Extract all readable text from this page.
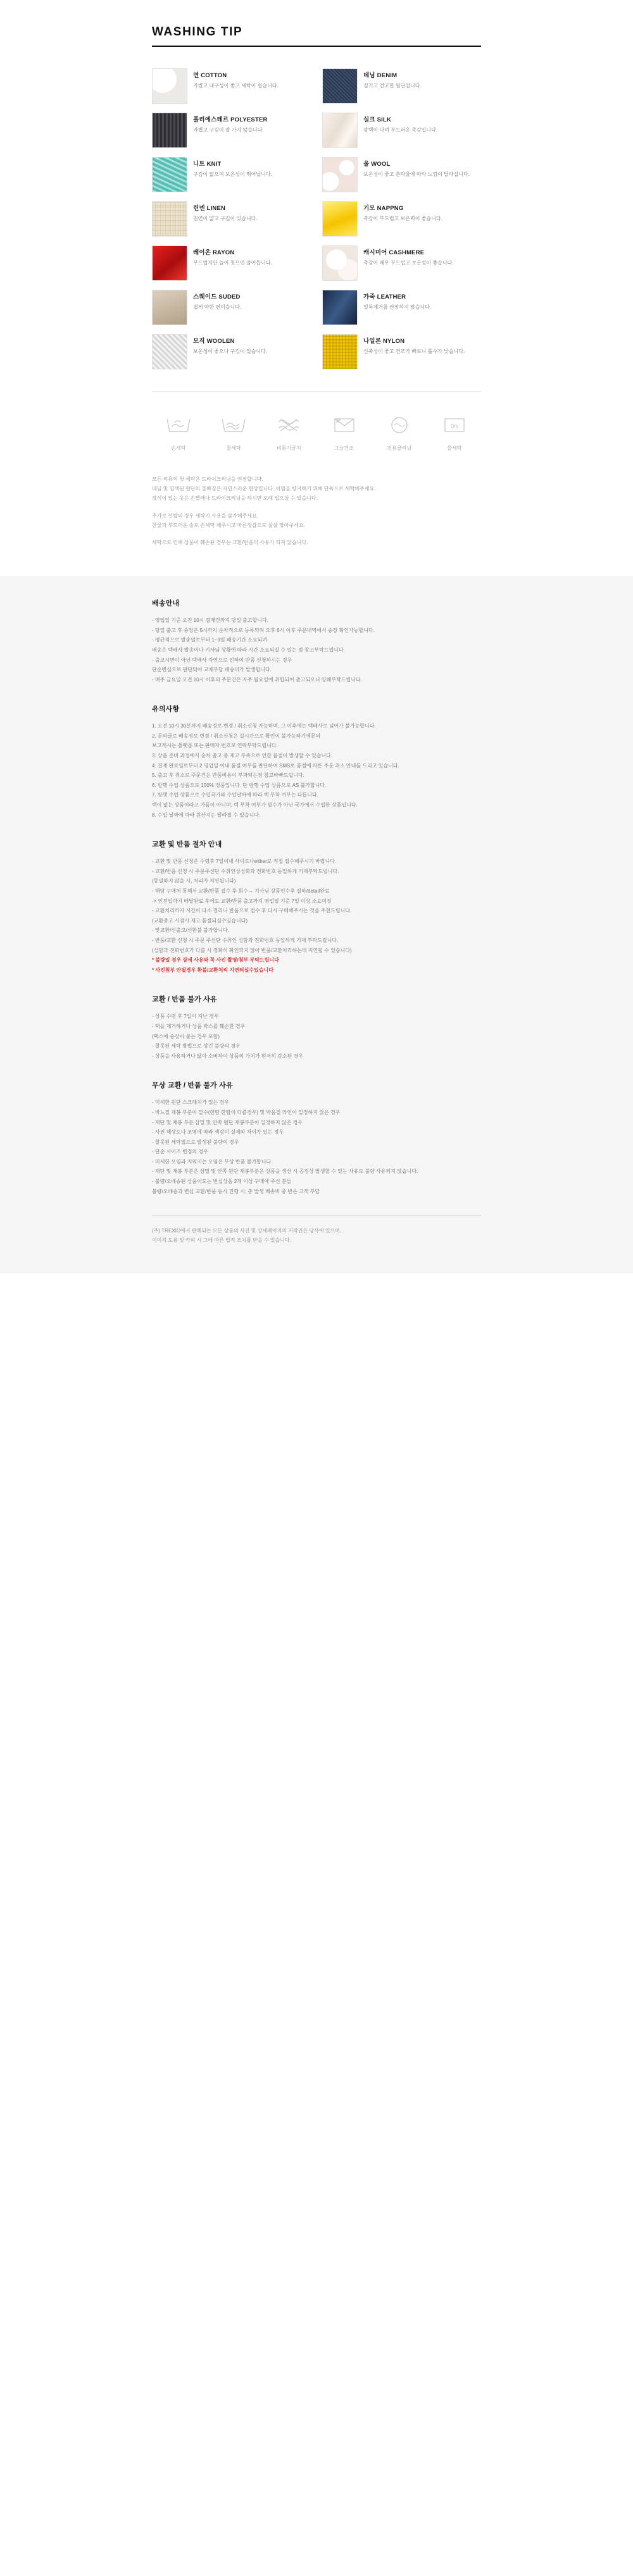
WASHING TIP
면 COTTON
가볍고 내구성이 좋고 세탁이 쉽습니다.
데님 DENIM
질기고 견고한 원단입니다.
폴리에스테르 POLYESTER
가볍고 구김이 잘 가지 않습니다.
실크 SILK
광택이 나며 부드러운 촉감입니다.
니트 KNIT
구김이 없으며 보온성이 뛰어납니다.
울 WOOL
보온성이 좋고 촌탁율에 따라 느낌이 달라집니다.
린넨 LINEN
천연이 얇고 구김이 있습니다.
기모 NAPPNG
촉감이 부드럽고 보온력이 좋습니다.
레이온 RAYON
부드럽지만 늘어 첫므면 줄어듭니다.
캐시미어 CASHMERE
촉감이 매우 부드럽고 보온성이 좋습니다.
스웨이드 SUDED
쉽게 약한 편이습니다.
가죽 LEATHER
얼룩제거를 권장하지 않습니다.
모직 WOOLEN
보온성이 좋으나 구김이 있습니다.
나일론 NYLON
신축성이 좋고 견조가 빠르니 톱수가 낮습니다.
손세탁	물세탁	비틈기금지	그늘건조	전용클리닝
Dry
물세탁

모든 의류의 첫 세탁은 드라이크리닝을 권장합니다.

데님 및 염색된 원단의 물빠짐은 자연스러운 현상입니다. 이염을 방지하기 위해 단독으로 세탁해주세요.

장식이 있는 옷은 손빨래나 드라이크리닝을 하시면 오래 입으실 수 있습니다.

추가로 신발의 경우 세탁기 사용을 삼가해주세요.

찬물과 부드러운 솔로 손세탁 해주시고 마른장갑으로 살살 닦아주세요.

세탁으로 인해 상품이 훼손된 경우는 교환/반품의 사유가 되지 않습니다.

배송안내
- 영업일 기준 오전 10시 결제건까지 당일 출고합니다.
- 당일 출고 후 송장은 5시까지 순차적으로 등록되며 오후 6시 이후 주문내역에서 송장 확인가능합니다.
- 평균적으로 발송일로부터 1~3일 배송기간 소요되며
배송은 택배사 발송이나 기사님 상황에 따라 시간 소요되실 수 있는 점 참고부탁드립니다.
- 출고시면이 아닌 택배사 자연으로 인하여 반품 신청하시는 경우
단순변심으로 판단되어 교체부담 배송비가 발생합니다.
- 매주 금요일 오전 10시 이후의 주문건은 자주 월요일에 취합되어 출고되오니 양해부탁드립니다.
유의사항
1. 오전 10시 30분까지 배송정보 변경 / 취소신청 가능하며, 그 이후에는 택배사로 넘어가 불가능합니다.
2. 문의글로 배송정보 변경 / 취소신청은 실시간으로 확인이 불가능하기에문의
보고계시는 플랫폼 또는 판매자 번호로 연락부탁드립니다.
3. 상품 준비 과정에서 순차 출고 중 재고 부족으로 인한 품절이 발생할 수 있습니다.
4. 결제 완료일로부터 2 영업일 이내 품절 여부를 판단하여 SMS로 품절에 따른 주문 취소 안내를 드리고 있습니다.
5. 출고 후 취소로 주문건은 반품비용이 부과되는점 참고바빠드립니다.
6. 방행 수입 상품으로 100% 정품입니다. 단 방행 수입 상품으로 AS 불가합니다.
7. 방행 수입 상품으로 수입국가와 수입날짜에 따라 택 부착 여부는 다릅니다.
택이 없는 상품이라고 가품이 아니며, 택 부착 여부가 필수가 아닌 국가에서 수입한 상품입니다.
8. 수입 날짜에 따라 원산지는 달라질 수 있습니다.
교환 및 반품 절차 안내
- 교환 및 반품 신청은 수령후 7일이내 사이트나either로 직접 접수해주시기 바랍니다.
- 교환/반품 신청 시 주문주선단 수취인성성화과 전화번호 동일하게 기재부탁드립니다.
(동일하지 않을 시, 처리가 지연됩니다)
- 해당 구매처 통해서 교환/반품 접수 후 회수→ 기사님 상품인수후 집하/detail완료
-> 인전입까지 배달완료 후에도 교환/반품 출고까지 영업일 기준 7일 이상 소요여정
- 교환처리까지 시간이 다소 걸리니 반품으로 접수 후 다시 구매해주시는 것을 추천드립니다.
(교환중고 시점시 재고 품절되실수있습니다)
- 맞교환/선출고/선환불 불가합니다.
- 반품/교환 신청 시 주문 주선단 수취인 성함과 전화번호 동일하게 기재 부탁드립니다.
(성함과 전화번호가 다를 시 정확히 확인되지 않아 반품/교환처리하는데 지연될 수 있습니다)
* 불량일 경우 상세 사유와 꼭 사진 촬영/첨부 부탁드립니다
* 사진첨부 안될경우 환불/교환처리 지연되실수있습니다
교환 / 반품 불가 사유
- 상품 수령 후 7일이 지난 경우
- 택을 제거하거나 상품 박스를 훼손한 경우
(택스에 송장이 붙는 경우 포함)
- 찰못된 세탁 방법으로 상긴 불량의 경우
- 상품을 사용하거나 닳아 소비하여 상품의 가치가 현저히 감소된 경우
무상 교환 / 반품 불가 사유
- 미세한 원단 스크래치가 있는 경우
- 바느질 재봉 부분이 말수(한땀 한땀이 다를경우) 및 박음질 라인이 일정하지 않은 경우
- 재단 및 재봉 부분 삼밀 및 안쪽 원단 재봉부분이 일정하지 않은 경우
- 사진 해상도나 조명에 따라 색감이 실제와 차이가 있는 경우
- 찰못된 세탁법으로 발생된 불량의 경우
- 단순 사이즈 변경의 경우
- 미세한 오염과 지워지는 오염은 무상 반품 불가합니다
- 재단 및 재봉 부분은 삼밀 및 안쪽 원단 재봉부분은 상품을 생산 시 공정상 발생할 수 있는 사유로 불량 사유되지 않습니다.
- 불량/오배송된 상품이도는 번십상품 2개 이상 구매에 주신 분들
불량/오배송과 변심 교환/반품 동시 진행 시: 총 발생 배송비 중 반은 고객 부담
(주) TREXIO에서 판매되는 모든 상품의 사진 및 상세페이지의 저작권은 당사에 있으며,
이미지 도용 및 카피 시 그에 따른 법적 조치를 받을 수 있습니다.
